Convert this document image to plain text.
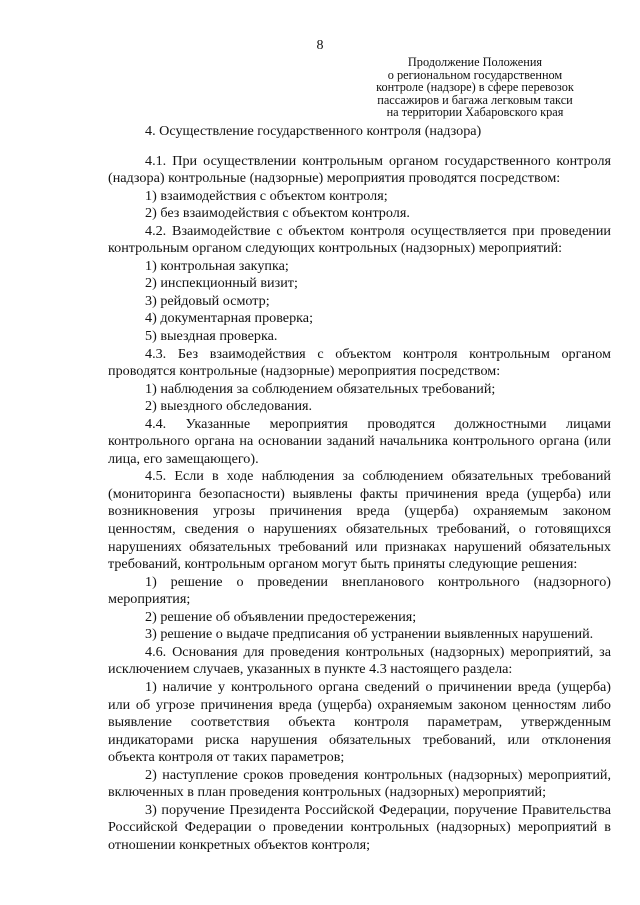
8
Продолжение Положения
о региональном государственном
контроле (надзоре) в сфере перевозок
пассажиров и багажа легковым такси
на территории Хабаровского края

4. Осуществление государственного контроля (надзора)

4.1. При осуществлении контрольным органом государственного контроля (надзора) контрольные (надзорные) мероприятия проводятся посредством:

1) взаимодействия с объектом контроля;

2) без взаимодействия с объектом контроля.

4.2. Взаимодействие с объектом контроля осуществляется при проведении контрольным органом следующих контрольных (надзорных) мероприятий:

1) контрольная закупка;

2) инспекционный визит;

3) рейдовый осмотр;

4) документарная проверка;

5) выездная проверка.

4.3. Без взаимодействия с объектом контроля контрольным органом проводятся контрольные (надзорные) мероприятия посредством:

1) наблюдения за соблюдением обязательных требований;

2) выездного обследования.

4.4. Указанные мероприятия проводятся должностными лицами контрольного органа на основании заданий начальника контрольного органа (или лица, его замещающего).

4.5. Если в ходе наблюдения за соблюдением обязательных требований (мониторинга безопасности) выявлены факты причинения вреда (ущерба) или возникновения угрозы причинения вреда (ущерба) охраняемым законом ценностям, сведения о нарушениях обязательных требований, о готовящихся нарушениях обязательных требований или признаках нарушений обязательных требований, контрольным органом могут быть приняты следующие решения:

1) решение о проведении внепланового контрольного (надзорного) мероприятия;

2) решение об объявлении предостережения;

3) решение о выдаче предписания об устранении выявленных нарушений.

4.6. Основания для проведения контрольных (надзорных) мероприятий, за исключением случаев, указанных в пункте 4.3 настоящего раздела:

1) наличие у контрольного органа сведений о причинении вреда (ущерба) или об угрозе причинения вреда (ущерба) охраняемым законом ценностям либо выявление соответствия объекта контроля параметрам, утвержденным индикаторами риска нарушения обязательных требований, или отклонения объекта контроля от таких параметров;

2) наступление сроков проведения контрольных (надзорных) мероприятий, включенных в план проведения контрольных (надзорных) мероприятий;

3) поручение Президента Российской Федерации, поручение Правительства Российской Федерации о проведении контрольных (надзорных) мероприятий в отношении конкретных объектов контроля;
